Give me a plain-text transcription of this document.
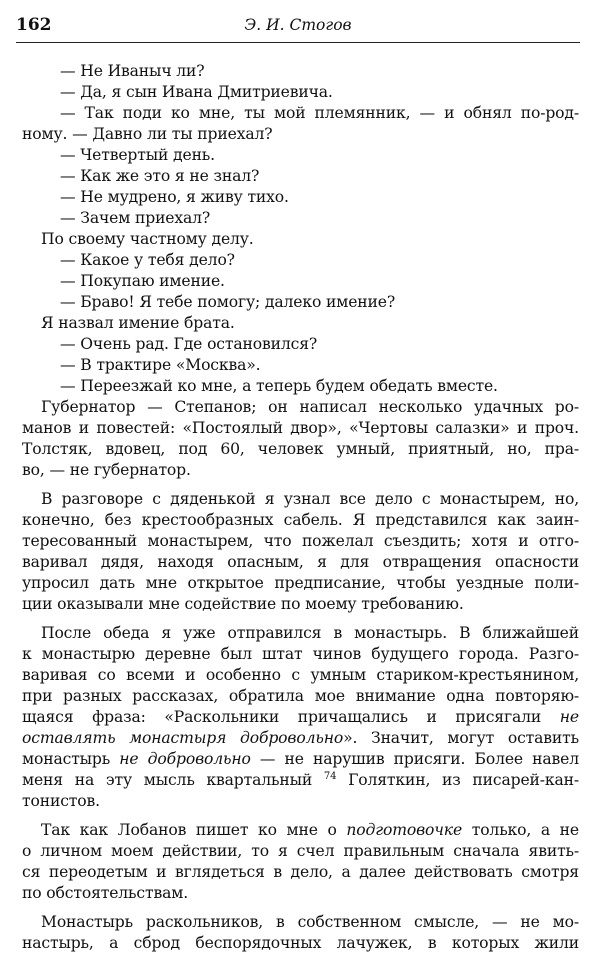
162	Э. И. Стогов
— Не Иваныч ли?
— Да, я сын Ивана Дмитриевича.
— Так поди ко мне, ты мой племянник, — и обнял по-род-
ному. — Давно ли ты приехал?
— Четвертый день.
— Как же это я не знал?
— Не мудрено, я живу тихо.
— Зачем приехал?
По своему частному делу.
— Какое у тебя дело?
— Покупаю имение.
— Браво! Я тебе помогу; далеко имение?
Я назвал имение брата.
— Очень рад. Где остановился?
— В трактире «Москва».
— Переезжай ко мне, а теперь будем обедать вместе.
Губернатор — Степанов; он написал несколько удачных ро-
манов и повестей: «Постоялый двор», «Чертовы салазки» и проч.
Толстяк, вдовец, под 60, человек умный, приятный, но, пра-
во, — не губернатор.
В разговоре с дяденькой я узнал все дело с монастырем, но,
конечно, без крестообразных сабель. Я представился как заин-
тересованный монастырем, что пожелал съездить; хотя и отго-
варивал дядя, находя опасным, я для отвращения опасности
упросил дать мне открытое предписание, чтобы уездные поли-
ции оказывали мне содействие по моему требованию.
После обеда я уже отправился в монастырь. В ближайшей
к монастырю деревне был штат чинов будущего города. Разго-
варивая со всеми и особенно с умным стариком-крестьянином,
при разных рассказах, обратила мое внимание одна повторяю-
щаяся фраза: «Раскольники причащались и присягали не
оставлять монастыря добровольно». Значит, могут оставить
монастырь не добровольно — не нарушив присяги. Более навел
меня на эту мысль квартальный $^{74}$ Голяткин, из писарей-кан-
тонистов.
Так как Лобанов пишет ко мне о подготовочке только, а не
о личном моем действии, то я счел правильным сначала явить-
ся переодетым и вглядеться в дело, а далее действовать смотря
по обстоятельствам.
Монастырь раскольников, в собственном смысле, — не мо-
настырь, а сброд беспорядочных лачужек, в которых жили
